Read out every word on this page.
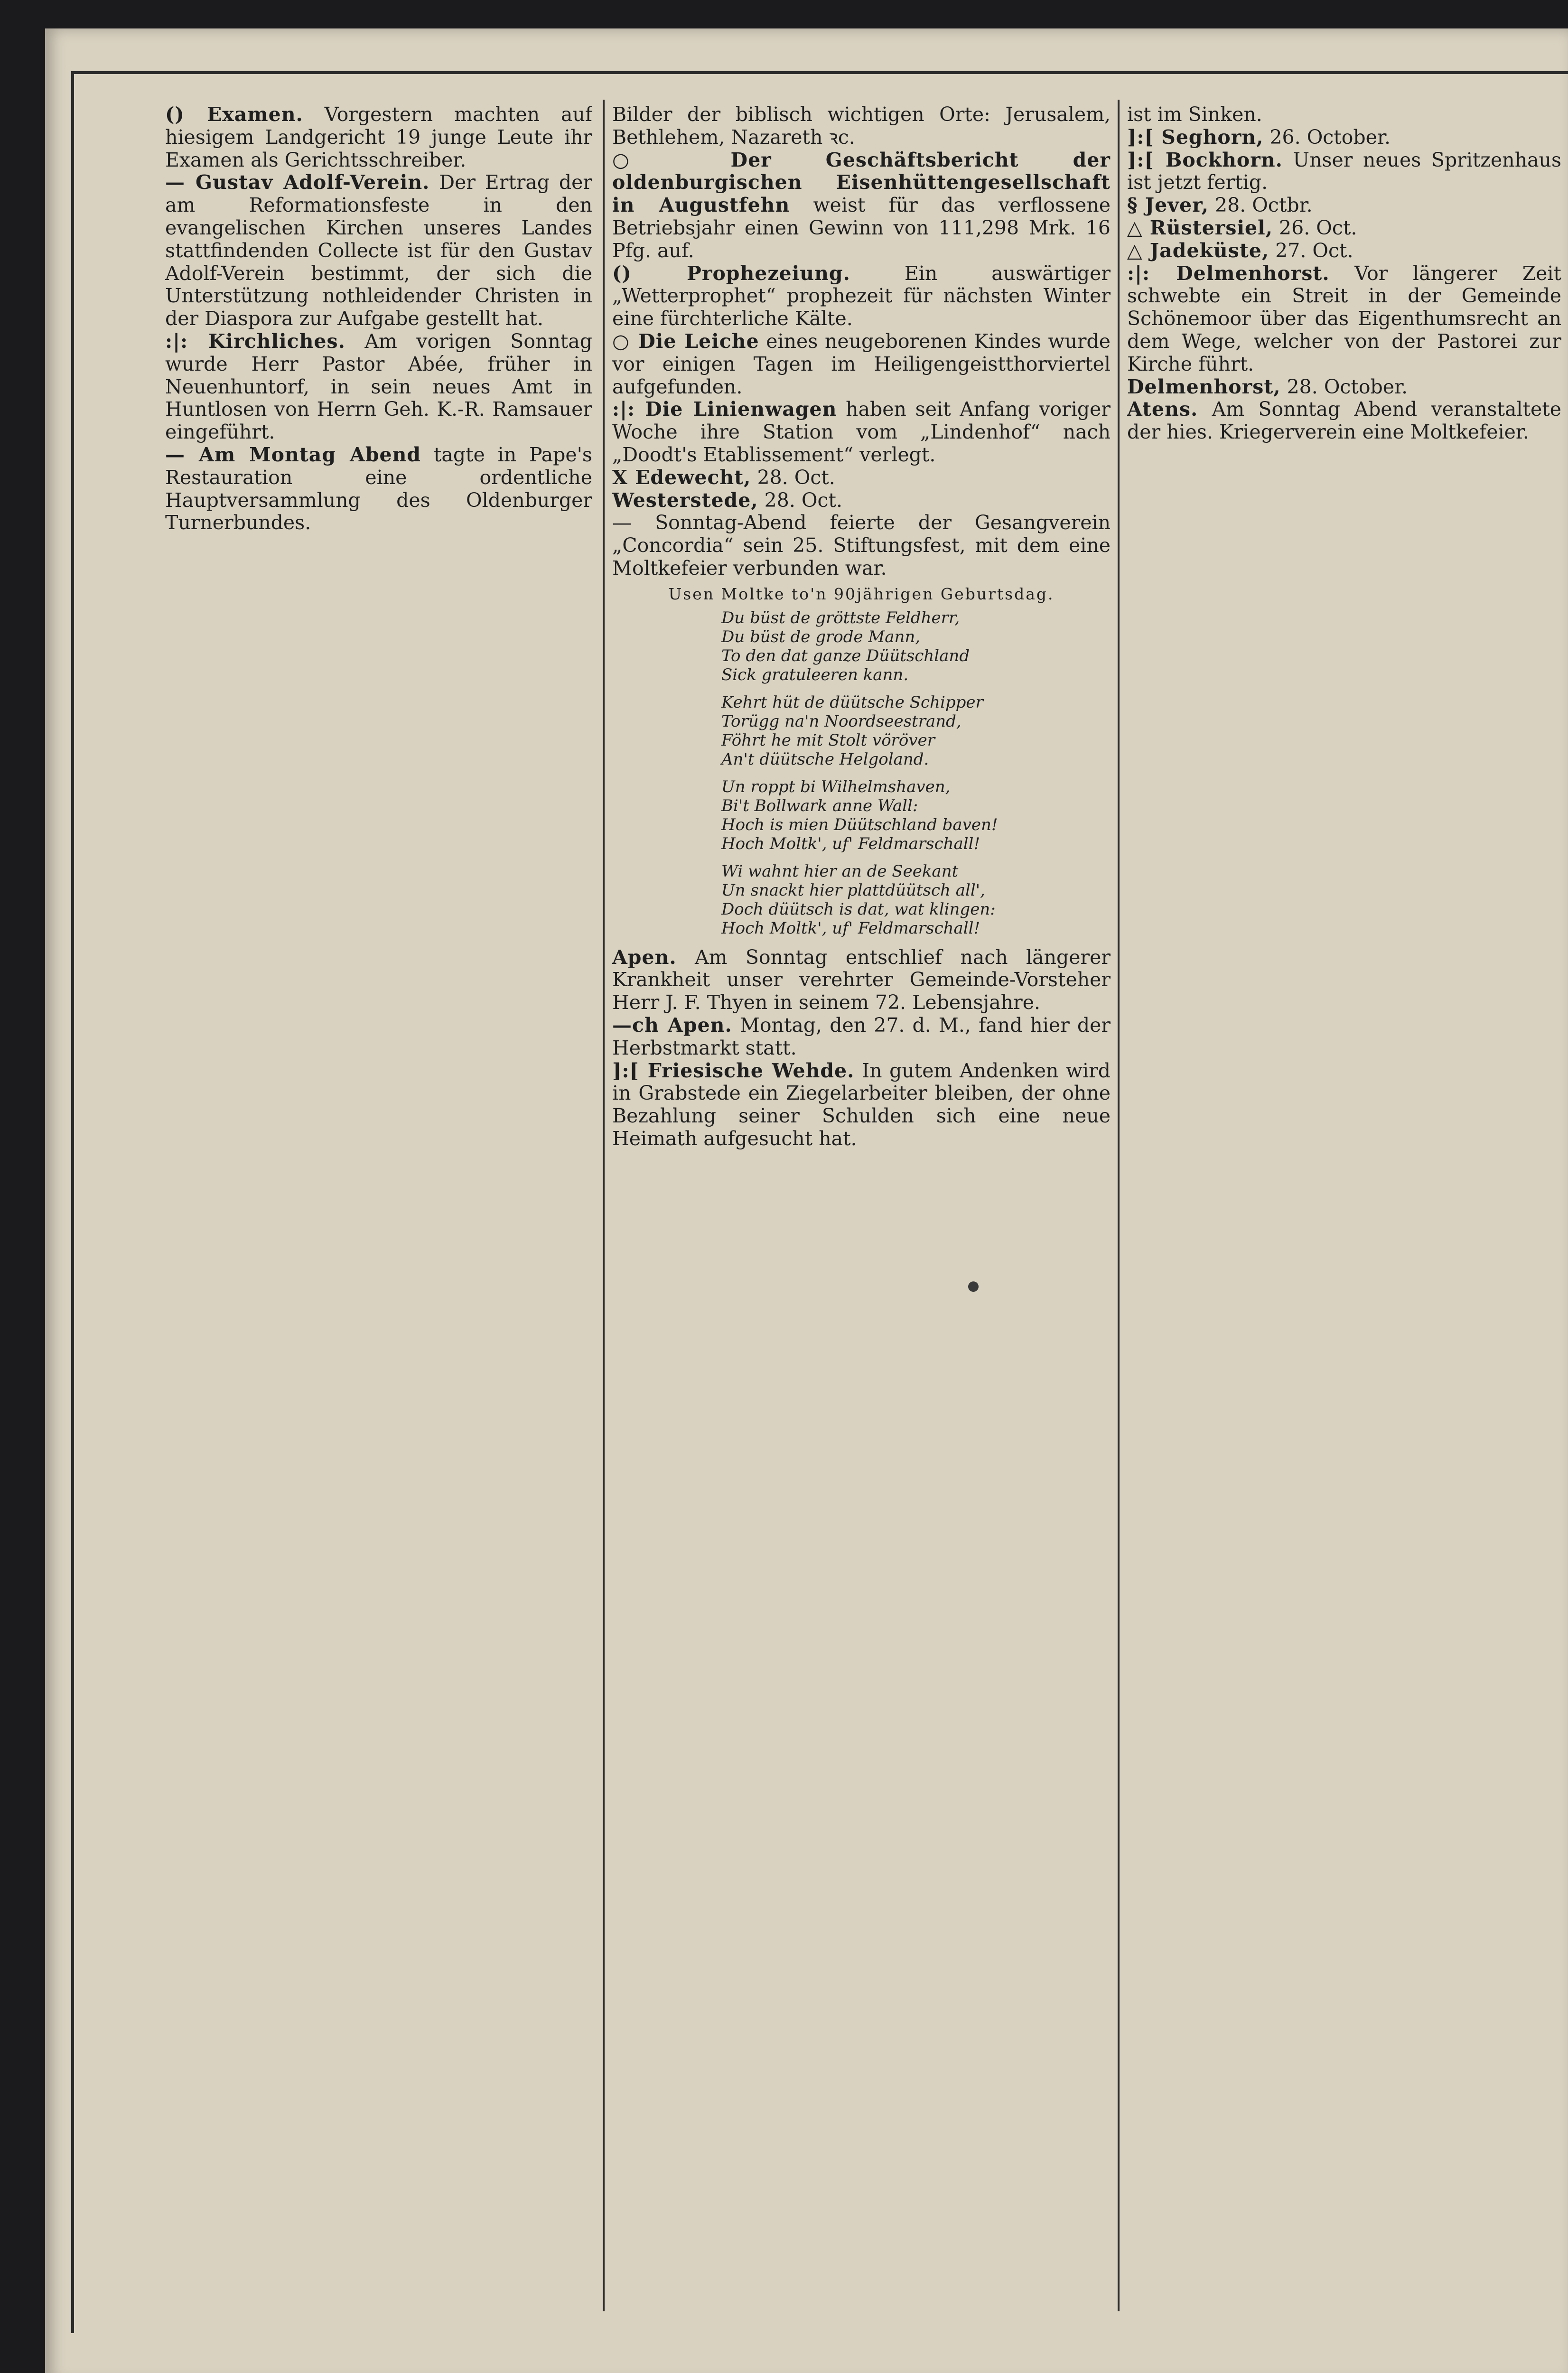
() Examen. Vorgestern machten auf hiesigem Landgericht 19 junge Leute ihr Examen als Gerichtsschreiber.

— Gustav Adolf-Verein. Der Ertrag der am Reformationsfeste in den evangelischen Kirchen unseres Landes stattfindenden Collecte ist für den Gustav Adolf-Verein bestimmt, der sich die Unterstützung nothleidender Christen in der Diaspora zur Aufgabe gestellt hat.

:|: Kirchliches. Am vorigen Sonntag wurde Herr Pastor Abée, früher in Neuenhuntorf, in sein neues Amt in Huntlosen von Herrn Geh. K.-R. Ramsauer eingeführt.

— Am Montag Abend tagte in Pape's Restauration eine ordentliche Hauptversammlung des Oldenburger Turnerbundes.

Bilder der biblisch wichtigen Orte: Jerusalem, Bethlehem, Nazareth ꝛc.

○ Der Geschäftsbericht der oldenburgischen Eisenhüttengesellschaft in Augustfehn weist für das verflossene Betriebsjahr einen Gewinn von 111,298 Mrk. 16 Pfg. auf.

() Prophezeiung. Ein auswärtiger „Wetterprophet“ prophezeit für nächsten Winter eine fürchterliche Kälte.

○ Die Leiche eines neugeborenen Kindes wurde vor einigen Tagen im Heiligengeistthorviertel aufgefunden.

:|: Die Linienwagen haben seit Anfang voriger Woche ihre Station vom „Lindenhof“ nach „Doodt's Etablissement“ verlegt.

X Edewecht, 28. Oct.

Westerstede, 28. Oct.

— Sonntag-Abend feierte der Gesangverein „Concordia“ sein 25. Stiftungsfest, mit dem eine Moltkefeier verbunden war.

Usen Moltke to'n 90jährigen Geburtsdag.
Du büst de gröttste Feldherr,
Du büst de grode Mann,
To den dat ganze Düütschland
Sick gratuleeren kann.
Kehrt hüt de düütsche Schipper
Torügg na'n Noordseestrand,
Föhrt he mit Stolt vöröver
An't düütsche Helgoland.
Un roppt bi Wilhelmshaven,
Bi't Bollwark anne Wall:
Hoch is mien Düütschland baven!
Hoch Moltk', uf' Feldmarschall!
Wi wahnt hier an de Seekant
Un snackt hier plattdüütsch all',
Doch düütsch is dat, wat klingen:
Hoch Moltk', uf' Feldmarschall!

Apen. Am Sonntag entschlief nach längerer Krankheit unser verehrter Gemeinde-Vorsteher Herr J. F. Thyen in seinem 72. Lebensjahre.

—ch Apen. Montag, den 27. d. M., fand hier der Herbstmarkt statt.

]:[ Friesische Wehde. In gutem Andenken wird in Grabstede ein Ziegelarbeiter bleiben, der ohne Bezahlung seiner Schulden sich eine neue Heimath aufgesucht hat.

ist im Sinken.

]:[ Seghorn, 26. October.

]:[ Bockhorn. Unser neues Spritzenhaus ist jetzt fertig.

§ Jever, 28. Octbr.

△ Rüstersiel, 26. Oct.

△ Jadeküste, 27. Oct.

:|: Delmenhorst. Vor längerer Zeit schwebte ein Streit in der Gemeinde Schönemoor über das Eigenthumsrecht an dem Wege, welcher von der Pastorei zur Kirche führt.

Delmenhorst, 28. October.

Atens. Am Sonntag Abend veranstaltete der hies. Kriegerverein eine Moltkefeier.
